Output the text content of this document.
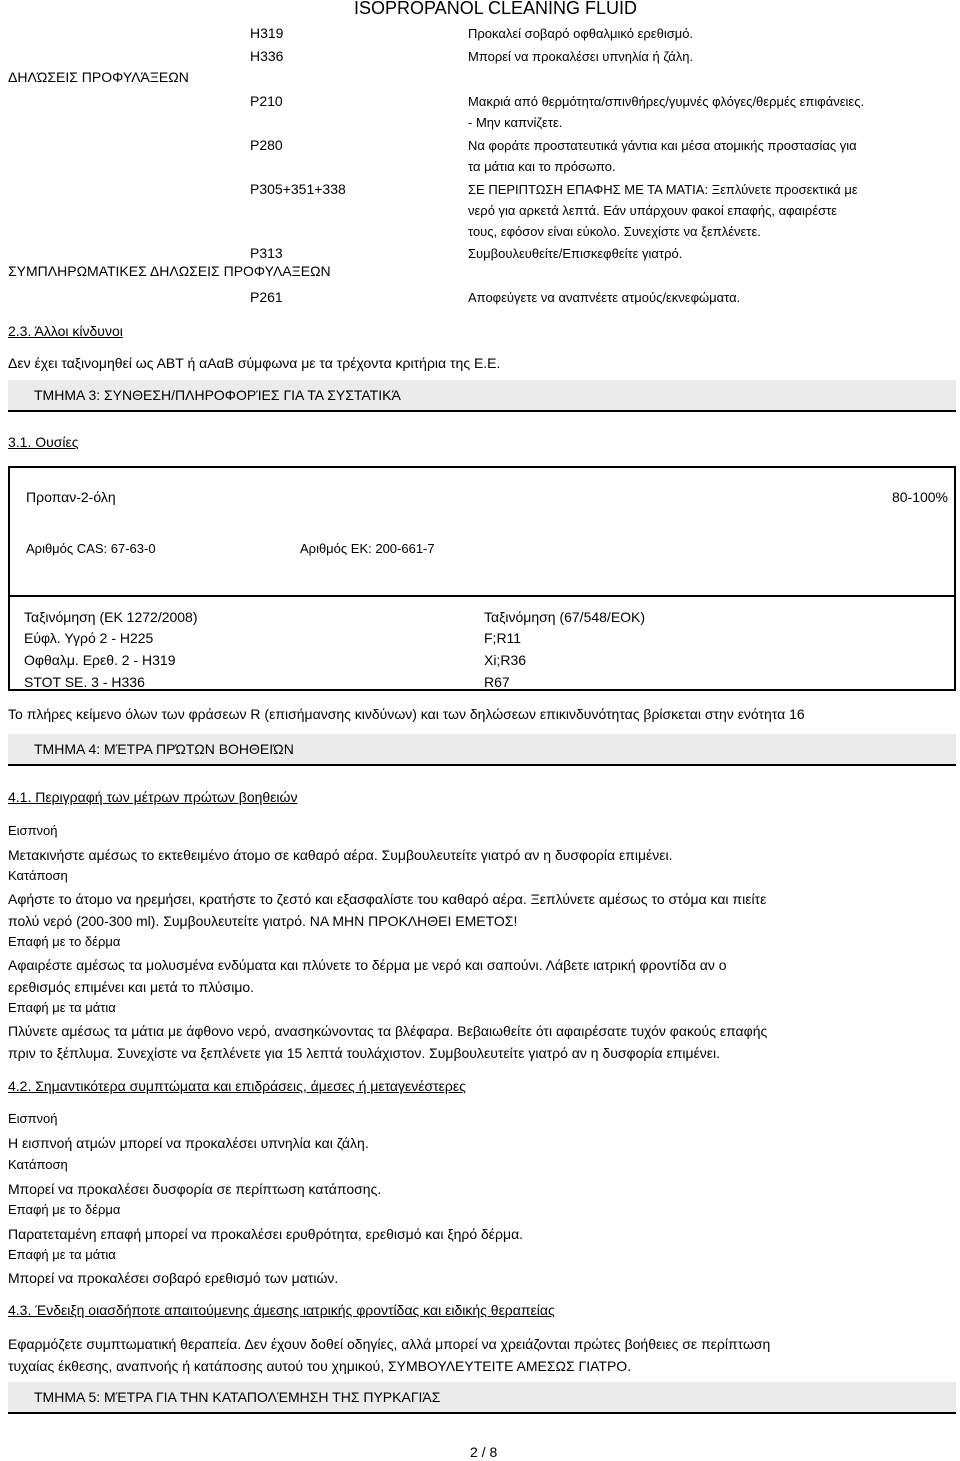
ISOPROPANOL CLEANING FLUID
ΔΗΛΏΣΕΙΣ ΠΡΟΦΥΛΆΞΕΩΝ
ΣΥΜΠΛΗΡΩΜΑΤΙΚΕΣ ΔΗΛΩΣΕΙΣ ΠΡΟΦΥΛΑΞΕΩΝ
H319
H336
P210
P280
P305+351+338
P313
P261
Προκαλεί σοβαρό οφθαλμικό ερεθισμό.
Μπορεί να προκαλέσει υπνηλία ή ζάλη.
Μακριά από θερμότητα/σπινθήρες/γυμνές φλόγες/θερμές επιφάνειες.
- Μην καπνίζετε.
Να φοράτε προστατευτικά γάντια και μέσα ατομικής προστασίας για
τα μάτια και το πρόσωπο.
ΣΕ ΠΕΡΙΠΤΩΣΗ ΕΠΑΦΗΣ ΜΕ ΤΑ ΜΑΤΙΑ: Ξεπλύνετε προσεκτικά με
νερό για αρκετά λεπτά. Εάν υπάρχουν φακοί επαφής, αφαιρέστε
τους, εφόσον είναι εύκολο. Συνεχίστε να ξεπλένετε.
Συμβουλευθείτε/Επισκεφθείτε γιατρό.
Αποφεύγετε να αναπνέετε ατμούς/εκνεφώματα.
2.3. Άλλοι κίνδυνοι
Δεν έχει ταξινομηθεί ως ΑΒΤ ή αΑαΒ σύμφωνα με τα τρέχοντα κριτήρια της Ε.Ε.
ΤΜΗΜΑ 3: ΣΥΝΘΕΣΗ/ΠΛΗΡΟΦΟΡΊΕΣ ΓΙΑ ΤΑ ΣΥΣΤΑΤΙΚΆ
3.1. Ουσίες
Προπαν-2-όλη	80-100%
Αριθμός CAS: 67-63-0	Αριθμός ΕΚ: 200-661-7
Ταξινόμηση (ΕΚ 1272/2008)
Εύφλ. Υγρό 2 - H225
Οφθαλμ. Ερεθ. 2 - H319
STOT SE. 3 - H336
Ταξινόμηση (67/548/ΕΟΚ)
F;R11
Xi;R36
R67
Το πλήρες κείμενο όλων των φράσεων R (επισήμανσης κινδύνων) και των δηλώσεων επικινδυνότητας βρίσκεται στην ενότητα 16
ΤΜΗΜΑ 4: ΜΈΤΡΑ ΠΡΏΤΩΝ ΒΟΗΘΕΙΏΝ
4.1. Περιγραφή των μέτρων πρώτων βοηθειών
Εισπνοή
Μετακινήστε αμέσως το εκτεθειμένο άτομο σε καθαρό αέρα. Συμβουλευτείτε γιατρό αν η δυσφορία επιμένει.
Κατάποση
Αφήστε το άτομο να ηρεμήσει, κρατήστε το ζεστό και εξασφαλίστε του καθαρό αέρα. Ξεπλύνετε αμέσως το στόμα και πιείτε
πολύ νερό (200-300 ml). Συμβουλευτείτε γιατρό. ΝΑ ΜΗΝ ΠΡΟΚΛΗΘΕΙ ΕΜΕΤΟΣ!
Επαφή με το δέρμα
Αφαιρέστε αμέσως τα μολυσμένα ενδύματα και πλύνετε το δέρμα με νερό και σαπούνι. Λάβετε ιατρική φροντίδα αν ο
ερεθισμός επιμένει και μετά το πλύσιμο.
Επαφή με τα μάτια
Πλύνετε αμέσως τα μάτια με άφθονο νερό, ανασηκώνοντας τα βλέφαρα. Βεβαιωθείτε ότι αφαιρέσατε τυχόν φακούς επαφής
πριν το ξέπλυμα. Συνεχίστε να ξεπλένετε για 15 λεπτά τουλάχιστον. Συμβουλευτείτε γιατρό αν η δυσφορία επιμένει.
4.2. Σημαντικότερα συμπτώματα και επιδράσεις, άμεσες ή μεταγενέστερες
Εισπνοή
Η εισπνοή ατμών μπορεί να προκαλέσει υπνηλία και ζάλη.
Κατάποση
Μπορεί να προκαλέσει δυσφορία σε περίπτωση κατάποσης.
Επαφή με το δέρμα
Παρατεταμένη επαφή μπορεί να προκαλέσει ερυθρότητα, ερεθισμό και ξηρό δέρμα.
Επαφή με τα μάτια
Μπορεί να προκαλέσει σοβαρό ερεθισμό των ματιών.
4.3. Ένδειξη οιασδήποτε απαιτούμενης άμεσης ιατρικής φροντίδας και ειδικής θεραπείας
Εφαρμόζετε συμπτωματική θεραπεία. Δεν έχουν δοθεί οδηγίες, αλλά μπορεί να χρειάζονται πρώτες βοήθειες σε περίπτωση
τυχαίας έκθεσης, αναπνοής ή κατάποσης αυτού του χημικού, ΣΥΜΒΟΥΛΕΥΤΕΙΤΕ ΑΜΕΣΩΣ ΓΙΑΤΡΟ.
ΤΜΗΜΑ 5: ΜΈΤΡΑ ΓΙΑ ΤΗΝ ΚΑΤΑΠΟΛΈΜΗΣΗ ΤΗΣ ΠΥΡΚΑΓΙΆΣ
2 / 8
